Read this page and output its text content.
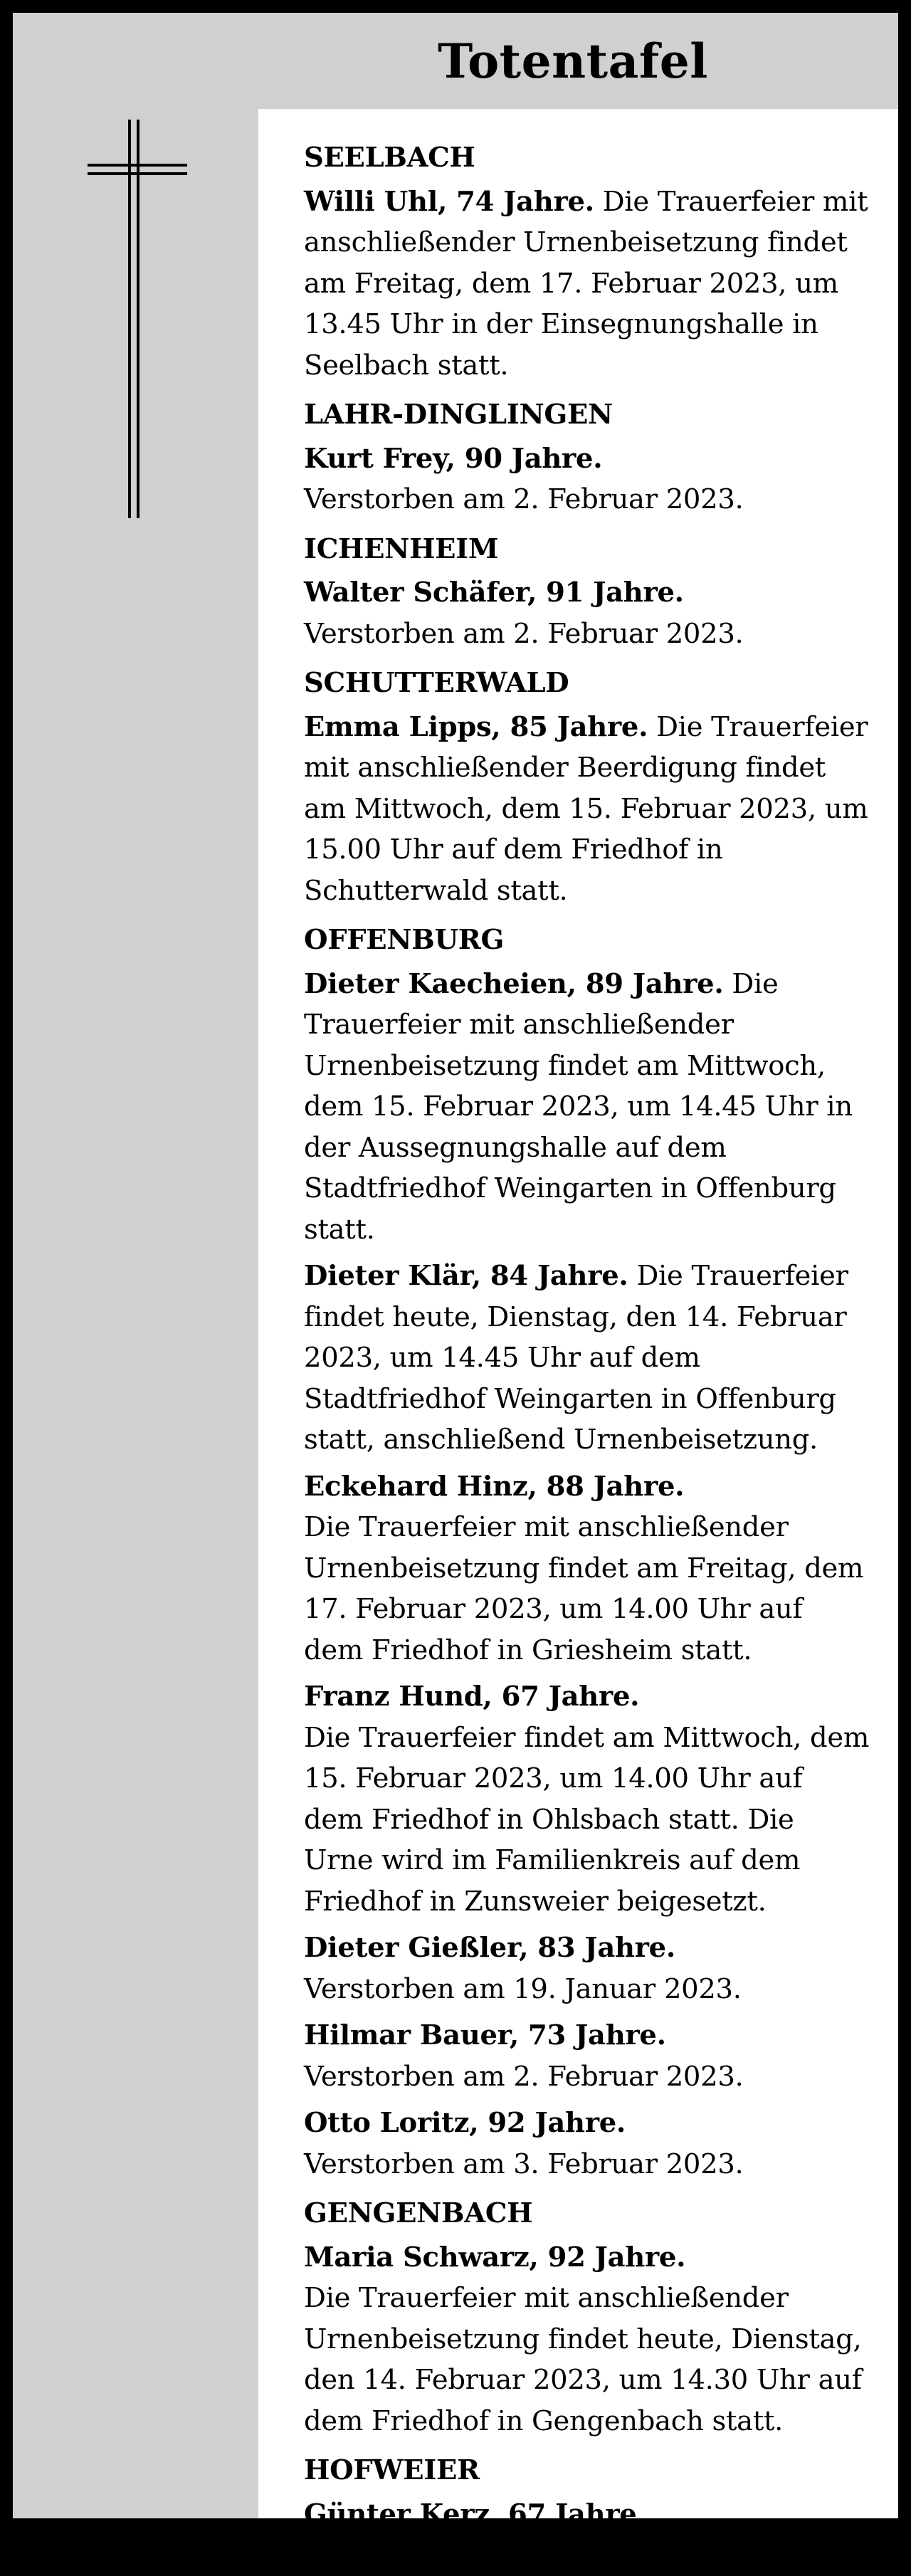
Totentafel
SEELBACH
Willi Uhl, 74 Jahre. Die Trauerfeier mit anschließender Urnenbeisetzung findet am Freitag, dem 17. Februar 2023, um 13.45 Uhr in der Einsegnungshalle in Seelbach statt.
LAHR-DINGLINGEN
Kurt Frey, 90 Jahre.
Verstorben am 2. Februar 2023.
ICHENHEIM
Walter Schäfer, 91 Jahre.
Verstorben am 2. Februar 2023.
SCHUTTERWALD
Emma Lipps, 85 Jahre. Die Trauerfeier mit anschließender Beerdigung findet am Mittwoch, dem 15. Februar 2023, um 15.00 Uhr auf dem Friedhof in Schutterwald statt.
OFFENBURG
Dieter Kaecheien, 89 Jahre. Die Trauerfeier mit anschließender Urnenbeisetzung findet am Mittwoch, dem 15. Februar 2023, um 14.45 Uhr in der Aussegnungshalle auf dem Stadtfriedhof Weingarten in Offenburg statt.
Dieter Klär, 84 Jahre. Die Trauerfeier findet heute, Dienstag, den 14. Februar 2023, um 14.45 Uhr auf dem Stadtfriedhof Weingarten in Offenburg statt, anschließend Urnenbeisetzung.
Eckehard Hinz, 88 Jahre.
Die Trauerfeier mit anschließender Urnenbeisetzung findet am Freitag, dem 17. Februar 2023, um 14.00 Uhr auf dem Friedhof in Griesheim statt.
Franz Hund, 67 Jahre.
Die Trauerfeier findet am Mittwoch, dem 15. Februar 2023, um 14.00 Uhr auf dem Friedhof in Ohlsbach statt. Die Urne wird im Familienkreis auf dem Friedhof in Zunsweier beigesetzt.
Dieter Gießler, 83 Jahre.
Verstorben am 19. Januar 2023.
Hilmar Bauer, 73 Jahre.
Verstorben am 2. Februar 2023.
Otto Loritz, 92 Jahre.
Verstorben am 3. Februar 2023.
GENGENBACH
Maria Schwarz, 92 Jahre.
Die Trauerfeier mit anschließender Urnenbeisetzung findet heute, Dienstag, den 14. Februar 2023, um 14.30 Uhr auf dem Friedhof in Gengenbach statt.
HOFWEIER
Günter Kerz, 67 Jahre.
Verstorben am 1. Februar 2023.
